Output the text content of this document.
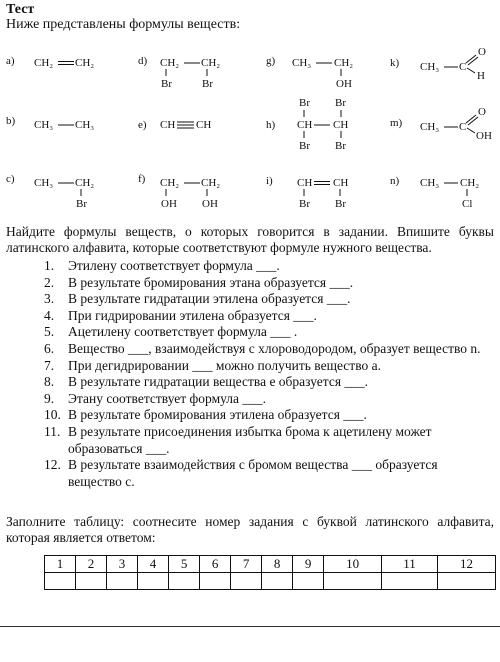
Тест
Ниже представлены формулы веществ:
a) CH₂ CH₂	d) CH₂ CH₂
Br	Br
g) CH₃ CH₂
OH
k) CH₃ C
O
H
b) CH₃ CH₃	e) CH CH	h)
Br Br
CH CH
Br Br
m) CH₃ C
O
OH
c) CH₃ CH₂
Br
f) CH₂ CH₂
OH OH
i) CH CH
Br Br
n) CH₃ CH₂
Cl
Найдите формулы веществ, о которых говорится в задании. Впишите буквы латинского алфавита, которые соответствуют формуле нужного вещества.
1.	Этилену соответствует формула ___.
2.	В результате бромирования этана образуется ___.
3.	В результате гидратации этилена образуется ___.
4.	При гидрировании этилена образуется ___.
5.	Ацетилену соответствует формула ___ .
6.	Вещество ___, взаимодействуя с хлороводородом, образует вещество n.
7.	При дегидрировании ___ можно получить вещество a.
8.	В результате гидратации вещества e образуется ___.
9.	Этану соответствует формула ___.
10. В результате бромирования этилена образуется ___.
11. В результате присоединения избытка брома к ацетилену может образоваться ___.
12. В результате взаимодействия с бромом вещества ___ образуется вещество c.
Заполните таблицу: соотнесите номер задания с буквой латинского алфавита, которая является ответом:
1	2	3	4	5	6	7	8	9	10	11	12
